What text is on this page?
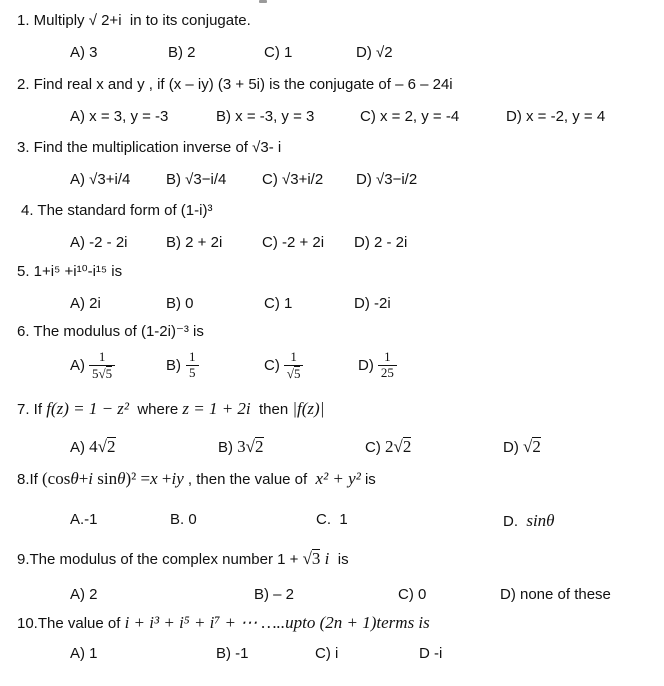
1. Multiply √ 2+i  in to its conjugate.
A) 3	B) 2	C) 1	D) √2
2. Find real x and y , if (x – iy) (3 + 5i) is the conjugate of – 6 – 24i
A) x = 3, y = -3	B) x = -3, y = 3	C) x = 2, y = -4	D) x = -2, y = 4
3. Find the multiplication inverse of √3- i
A) √3+i/4 B) √3−i/4 C) √3+i/2 D) √3−i/2
4. The standard form of (1-i)³
A) -2 - 2i	B) 2 + 2i	C) -2 + 2i D) 2 - 2i
5. 1+i⁵ +i¹⁰-i¹⁵ is
A) 2i	B) 0	C) 1	D) -2i
6. The modulus of (1-2i)⁻³ is
$A) \frac{1}{5√5}$	$B) \frac{1}{5}$	$C) \frac{1}{√5}$	$D) \frac{1}{25}$
7. If f(z) = 1 − z²  where z = 1 + 2i  then |f(z)|
A) 4√2	B) 3√2	C) 2√2	D) √2
8.If (cosθ+i sinθ)² =x +iy , then the value of  x² + y² is
A.-1	B. 0	C.  1	D.  sinθ
9.The modulus of the complex number 1 + √3 i  is
A) 2	B) – 2	C) 0	D) none of these
10.The value of i + i³ + i⁵ + i⁷ + ⋯ …..upto (2n + 1)terms is
A) 1	B) -1	C) i	D -i
